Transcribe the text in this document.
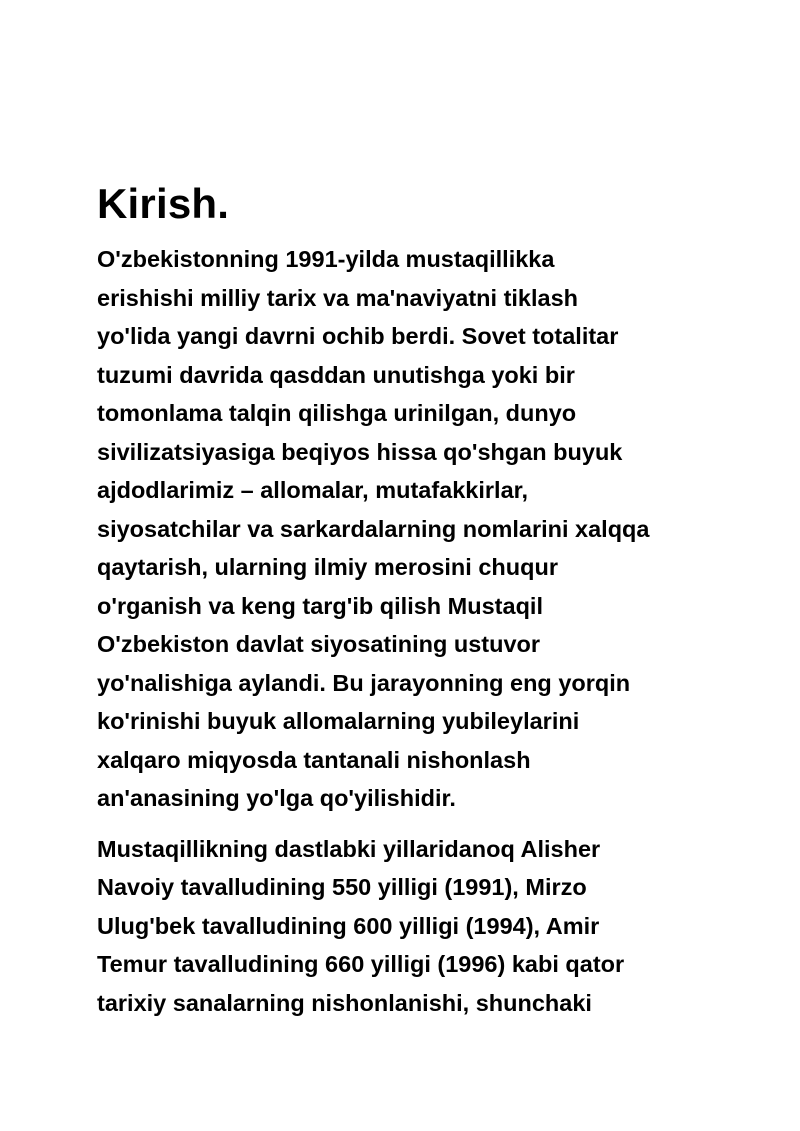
Kirish.

O'zbekistonning 1991-yilda mustaqillikka
erishishi milliy tarix va ma'naviyatni tiklash
yo'lida yangi davrni ochib berdi. Sovet totalitar
tuzumi davrida qasddan unutishga yoki bir
tomonlama talqin qilishga urinilgan, dunyo
sivilizatsiyasiga beqiyos hissa qo'shgan buyuk
ajdodlarimiz – allomalar, mutafakkirlar,
siyosatchilar va sarkardalarning nomlarini xalqqa
qaytarish, ularning ilmiy merosini chuqur
o'rganish va keng targ'ib qilish Mustaqil
O'zbekiston davlat siyosatining ustuvor
yo'nalishiga aylandi. Bu jarayonning eng yorqin
ko'rinishi buyuk allomalarning yubileylarini
xalqaro miqyosda tantanali nishonlash
an'anasining yo'lga qo'yilishidir.

Mustaqillikning dastlabki yillaridanoq Alisher
Navoiy tavalludining 550 yilligi (1991), Mirzo
Ulug'bek tavalludining 600 yilligi (1994), Amir
Temur tavalludining 660 yilligi (1996) kabi qator
tarixiy sanalarning nishonlanishi, shunchaki
